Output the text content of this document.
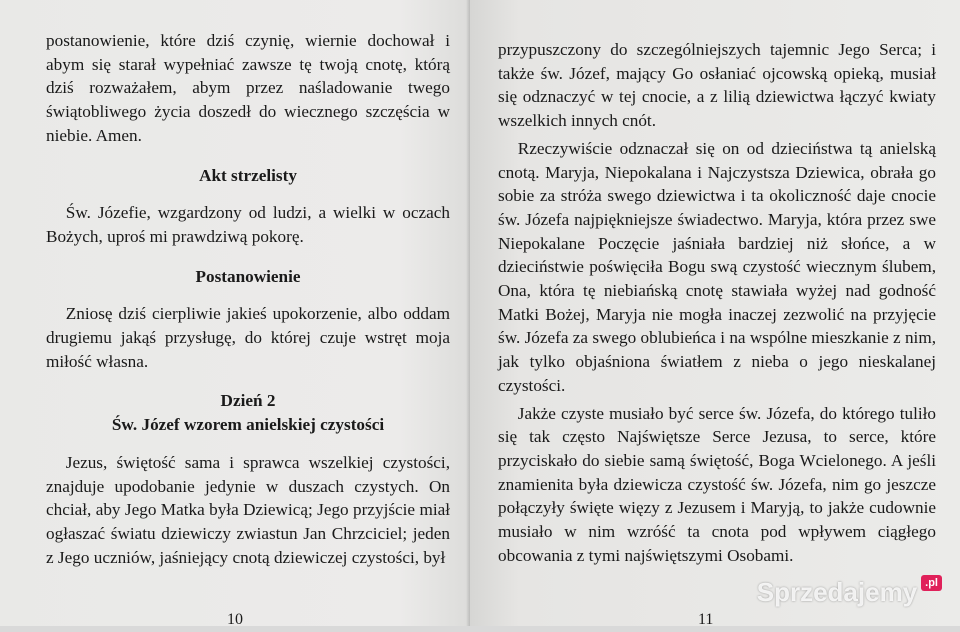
postanowienie, które dziś czynię, wiernie dochował i abym się starał wypełniać zawsze tę twoją cnotę, którą dziś rozważałem, abym przez naśladowanie twego świątobliwego życia doszedł do wiecznego szczęścia w niebie. Amen.

Akt strzelisty

Św. Józefie, wzgardzony od ludzi, a wielki w oczach Bożych, uproś mi prawdziwą pokorę.

Postanowienie

Zniosę dziś cierpliwie jakieś upokorzenie, albo oddam drugiemu jakąś przysługę, do której czuje wstręt moja miłość własna.

Dzień 2

Św. Józef wzorem anielskiej czystości

Jezus, świętość sama i sprawca wszelkiej czystości, znajduje upodobanie jedynie w duszach czystych. On chciał, aby Jego Matka była Dziewicą; Jego przyjście miał ogłaszać światu dziewiczy zwiastun Jan Chrzciciel; jeden z Jego uczniów, jaśniejący cnotą dziewiczej czystości, był

10

przypuszczony do szczególniejszych tajemnic Jego Serca; i także św. Józef, mający Go osłaniać ojcowską opieką, musiał się odznaczyć w tej cnocie, a z lilią dziewictwa łączyć kwiaty wszelkich innych cnót.

Rzeczywiście odznaczał się on od dzieciństwa tą anielską cnotą. Maryja, Niepokalana i Najczystsza Dziewica, obrała go sobie za stróża swego dziewictwa i ta okoliczność daje cnocie św. Józefa najpiękniejsze świadectwo. Maryja, która przez swe Niepokalane Poczęcie jaśniała bardziej niż słońce, a w dzieciństwie poświęciła Bogu swą czystość wiecznym ślubem, Ona, która tę niebiańską cnotę stawiała wyżej nad godność Matki Bożej, Maryja nie mogła inaczej zezwolić na przyjęcie św. Józefa za swego oblubieńca i na wspólne mieszkanie z nim, jak tylko objaśniona światłem z nieba o jego nieskalanej czystości.

Jakże czyste musiało być serce św. Józefa, do którego tuliło się tak często Najświętsze Serce Jezusa, to serce, które przyciskało do siebie samą świętość, Boga Wcielonego. A jeśli znamienita była dziewicza czystość św. Józefa, nim go jeszcze połączyły święte więzy z Jezusem i Maryją, to jakże cudownie musiało w nim wzróść ta cnota pod wpływem ciągłego obcowania z tymi najświętszymi Osobami.

11
Sprzedajemy .pl
